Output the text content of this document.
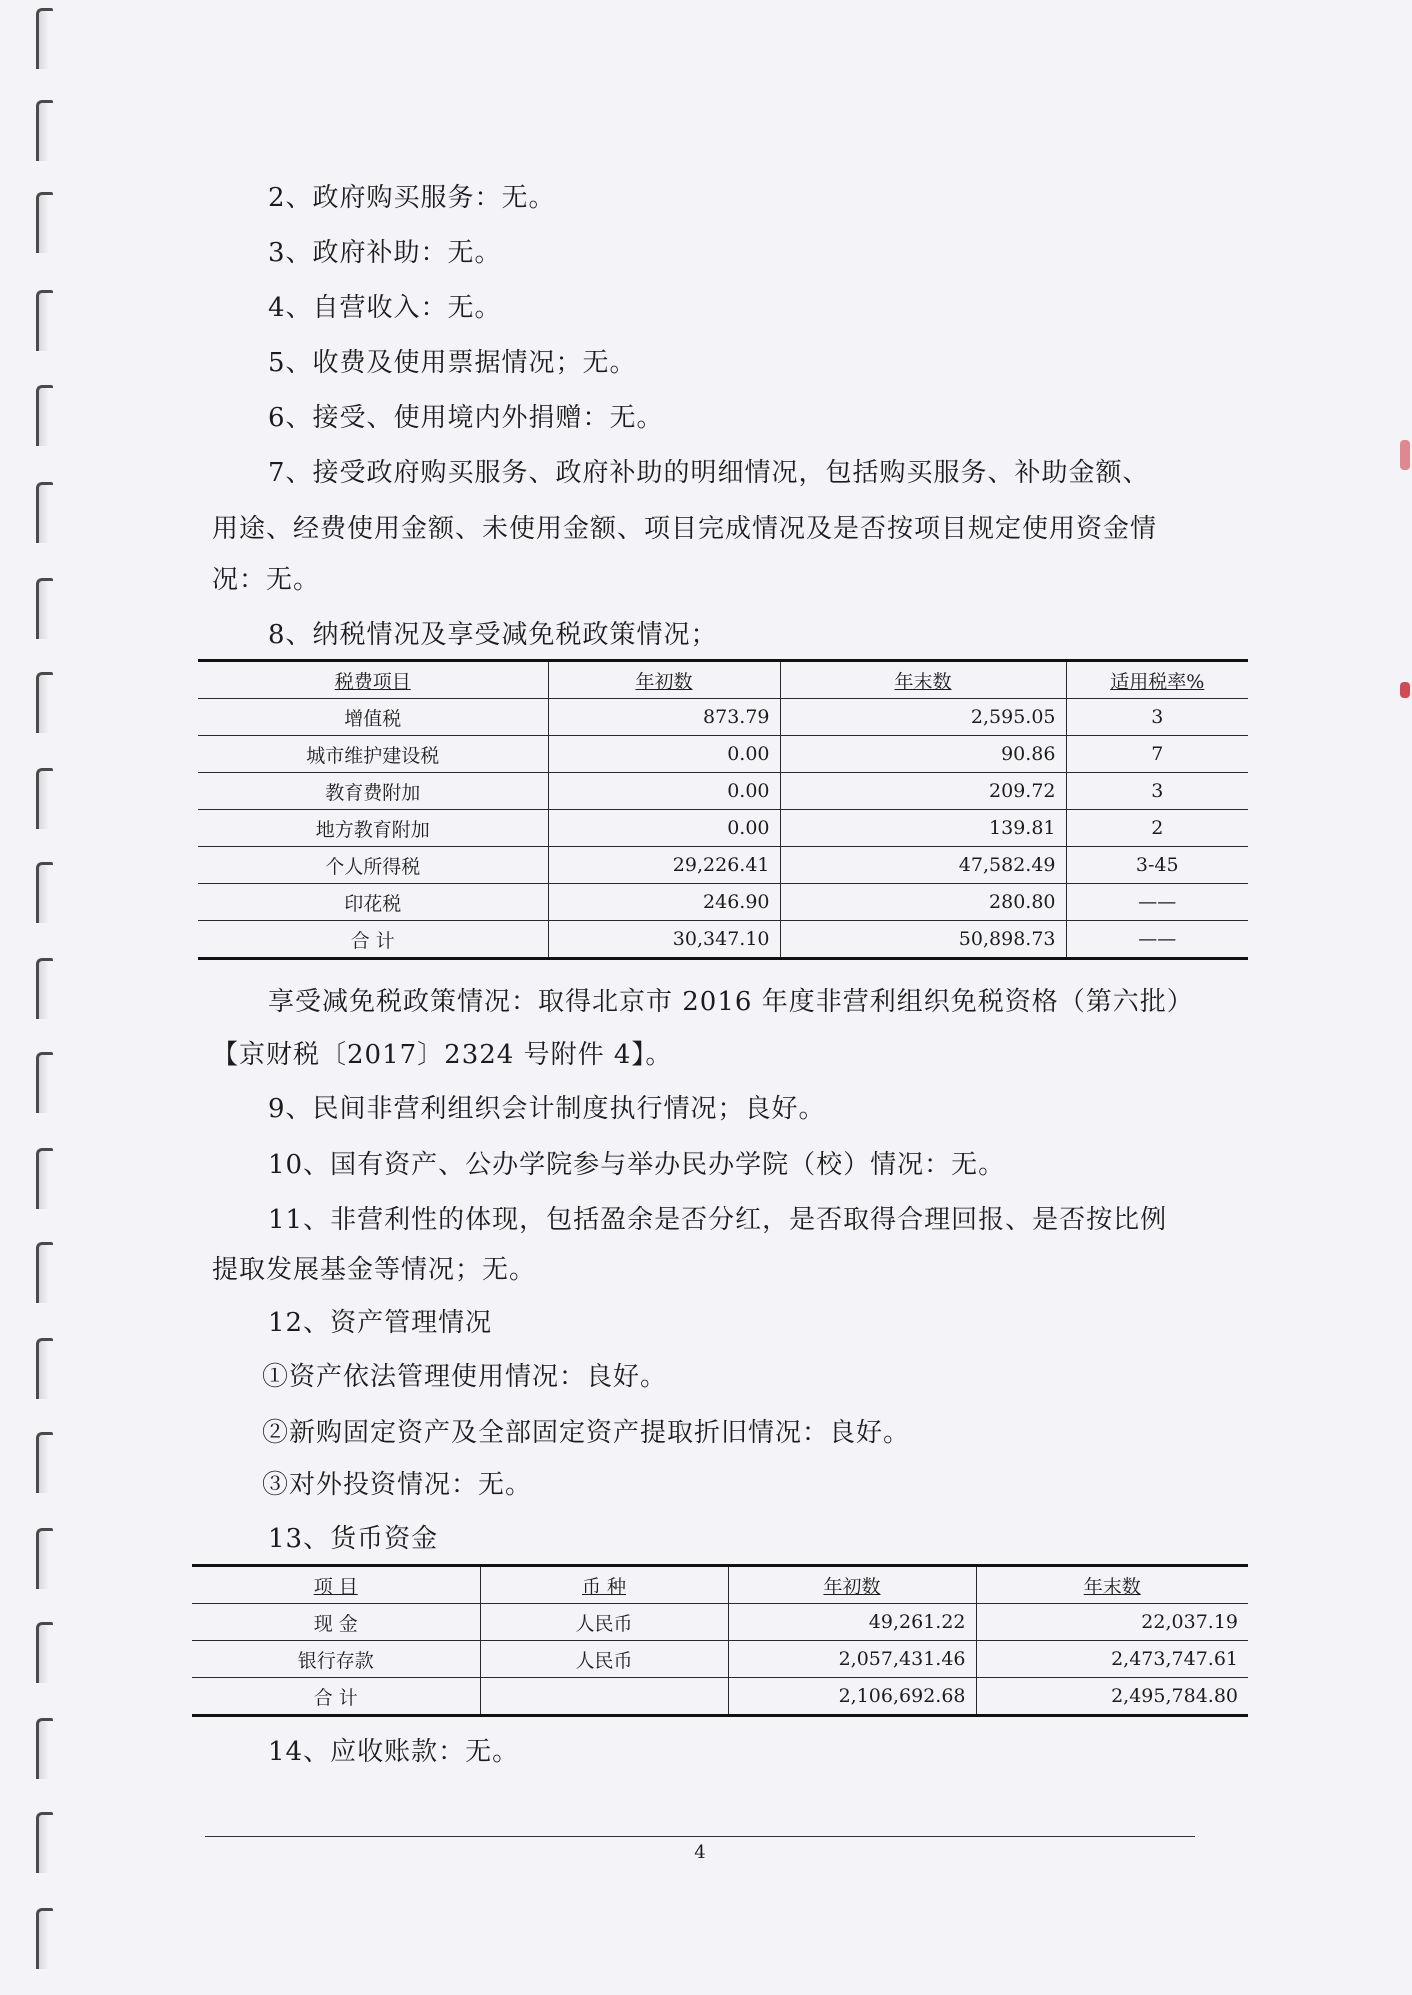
2、政府购买服务：无。
3、政府补助：无。
4、自营收入：无。
5、收费及使用票据情况；无。
6、接受、使用境内外捐赠：无。
7、接受政府购买服务、政府补助的明细情况，包括购买服务、补助金额、
用途、经费使用金额、未使用金额、项目完成情况及是否按项目规定使用资金情
况：无。
8、纳税情况及享受减免税政策情况；
税费项目	年初数	年末数	适用税率%
增值税	873.79	2,595.05	3
城市维护建设税	0.00	90.86	7
教育费附加	0.00	209.72	3
地方教育附加	0.00	139.81	2
个人所得税	29,226.41	47,582.49	3-45
印花税	246.90	280.80	——
合 计	30,347.10	50,898.73	——
享受减免税政策情况：取得北京市 2016 年度非营利组织免税资格（第六批）
【京财税〔2017〕2324 号附件 4】。
9、民间非营利组织会计制度执行情况；良好。
10、国有资产、公办学院参与举办民办学院（校）情况：无。
11、非营利性的体现，包括盈余是否分红，是否取得合理回报、是否按比例
提取发展基金等情况；无。
12、资产管理情况
①资产依法管理使用情况：良好。
②新购固定资产及全部固定资产提取折旧情况：良好。
③对外投资情况：无。
13、货币资金
项 目	币 种	年初数	年末数
现 金	人民币	49,261.22	22,037.19
银行存款	人民币	2,057,431.46	2,473,747.61
合 计		2,106,692.68	2,495,784.80
14、应收账款：无。
4
